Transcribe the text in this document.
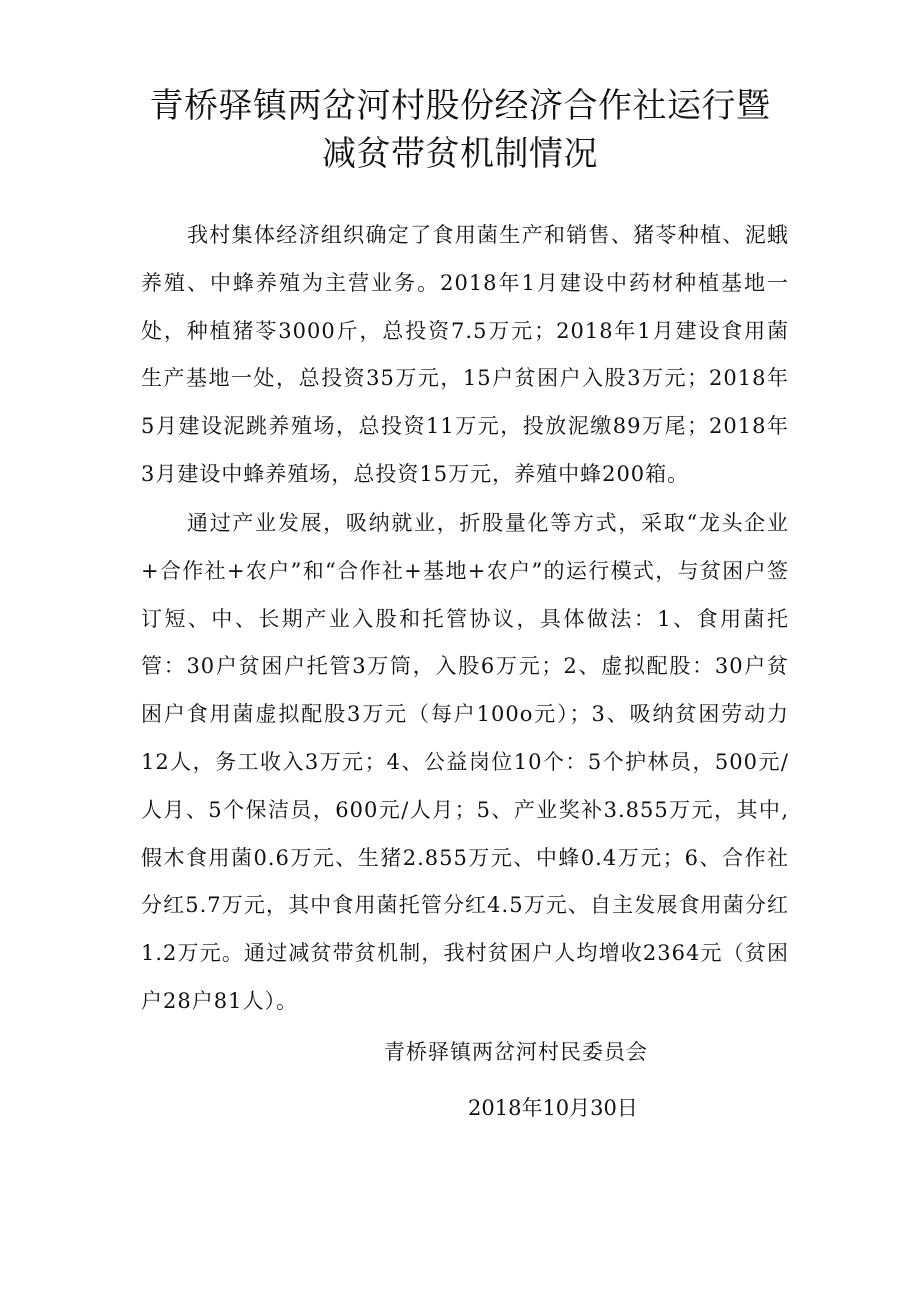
青桥驿镇两岔河村股份经济合作社运行暨
减贫带贫机制情况

我村集体经济组织确定了食用菌生产和销售、猪苓种植、泥蛾养殖、中蜂养殖为主营业务。2018年1月建设中药材种植基地一处，种植猪苓3000斤，总投资7.5万元；2018年1月建设食用菌生产基地一处，总投资35万元，15户贫困户入股3万元；2018年5月建设泥跳养殖场，总投资11万元，投放泥缴89万尾；2018年3月建设中蜂养殖场，总投资15万元，养殖中蜂200箱。

通过产业发展，吸纳就业，折股量化等方式，采取“龙头企业+合作社+农户”和“合作社+基地+农户”的运行模式，与贫困户签订短、中、长期产业入股和托管协议，具体做法：1、食用菌托管：30户贫困户托管3万筒，入股6万元；2、虚拟配股：30户贫困户食用菌虚拟配股3万元（每户100o元）；3、吸纳贫困劳动力12人，务工收入3万元；4、公益岗位10个：5个护林员，500元/人月、5个保洁员，600元/人月；5、产业奖补3.855万元，其中,假木食用菌0.6万元、生猪2.855万元、中蜂0.4万元；6、合作社分红5.7万元，其中食用菌托管分红4.5万元、自主发展食用菌分红1.2万元。通过减贫带贫机制，我村贫困户人均增收2364元（贫困户28户81人）。

青桥驿镇两岔河村民委员会
2018年10月30日
